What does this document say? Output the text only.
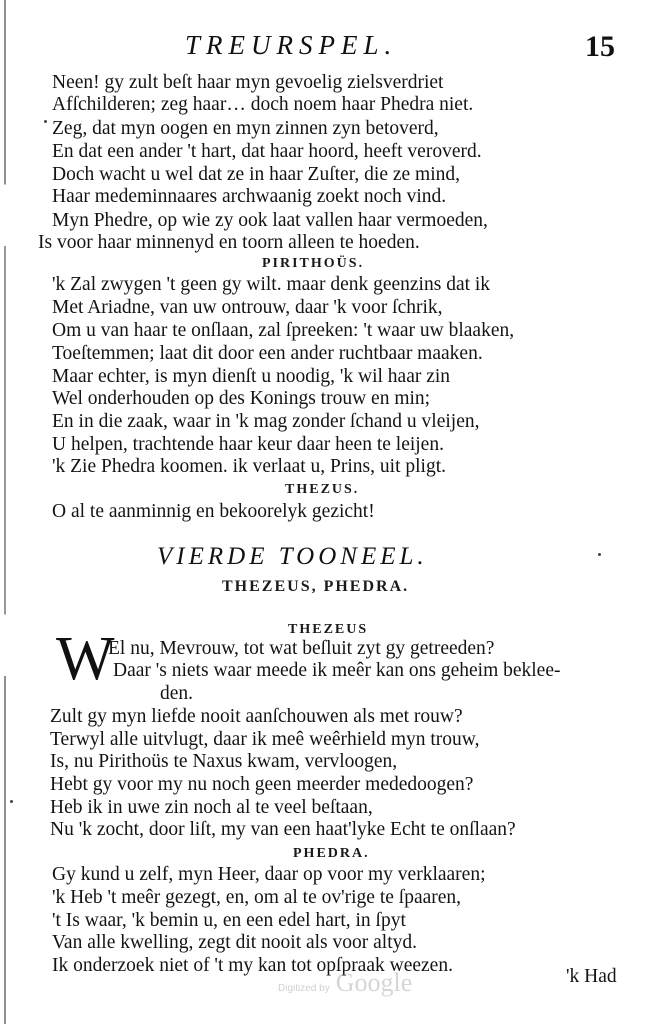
TREURSPEL.	15
Neen! gy zult beſt haar myn gevoelig zielsverdriet
Afſchilderen; zeg haar… doch noem haar Phedra niet.
Zeg, dat myn oogen en myn zinnen zyn betoverd,
En dat een ander 't hart, dat haar hoord, heeft veroverd.
Doch wacht u wel dat ze in haar Zuſter, die ze mind,
Haar medeminnaares archwaanig zoekt noch vind.
Myn Phedre, op wie zy ook laat vallen haar vermoeden,
Is voor haar minnenyd en toorn alleen te hoeden.
PIRITHOÜS.
'k Zal zwygen 't geen gy wilt. maar denk geenzins dat ik
Met Ariadne, van uw ontrouw, daar 'k voor ſchrik,
Om u van haar te onſlaan, zal ſpreeken: 't waar uw blaaken,
Toeſtemmen; laat dit door een ander ruchtbaar maaken.
Maar echter, is myn dienſt u noodig, 'k wil haar zin
Wel onderhouden op des Konings trouw en min;
En in die zaak, waar in 'k mag zonder ſchand u vleijen,
U helpen, trachtende haar keur daar heen te leijen.
'k Zie Phedra koomen. ik verlaat u, Prins, uit pligt.
THEZUS.
O al te aanminnig en bekoorelyk gezicht!
VIERDE TOONEEL.
THEZEUS, PHEDRA.
THEZEUS
W
El nu, Mevrouw, tot wat beſluit zyt gy getreeden?
Daar 's niets waar meede ik meêr kan ons geheim beklee-
den.
Zult gy myn liefde nooit aanſchouwen als met rouw?
Terwyl alle uitvlugt, daar ik meê weêrhield myn trouw,
Is, nu Pirithoüs te Naxus kwam, vervloogen,
Hebt gy voor my nu noch geen meerder mededoogen?
Heb ik in uwe zin noch al te veel beſtaan,
Nu 'k zocht, door liſt, my van een haat'lyke Echt te onſlaan?
PHEDRA.
Gy kund u zelf, myn Heer, daar op voor my verklaaren;
'k Heb 't meêr gezegt, en, om al te ov'rige te ſpaaren,
't Is waar, 'k bemin u, en een edel hart, in ſpyt
Van alle kwelling, zegt dit nooit als voor altyd.
Ik onderzoek niet of 't my kan tot opſpraak weezen.
'k Had
Digitized by Google
